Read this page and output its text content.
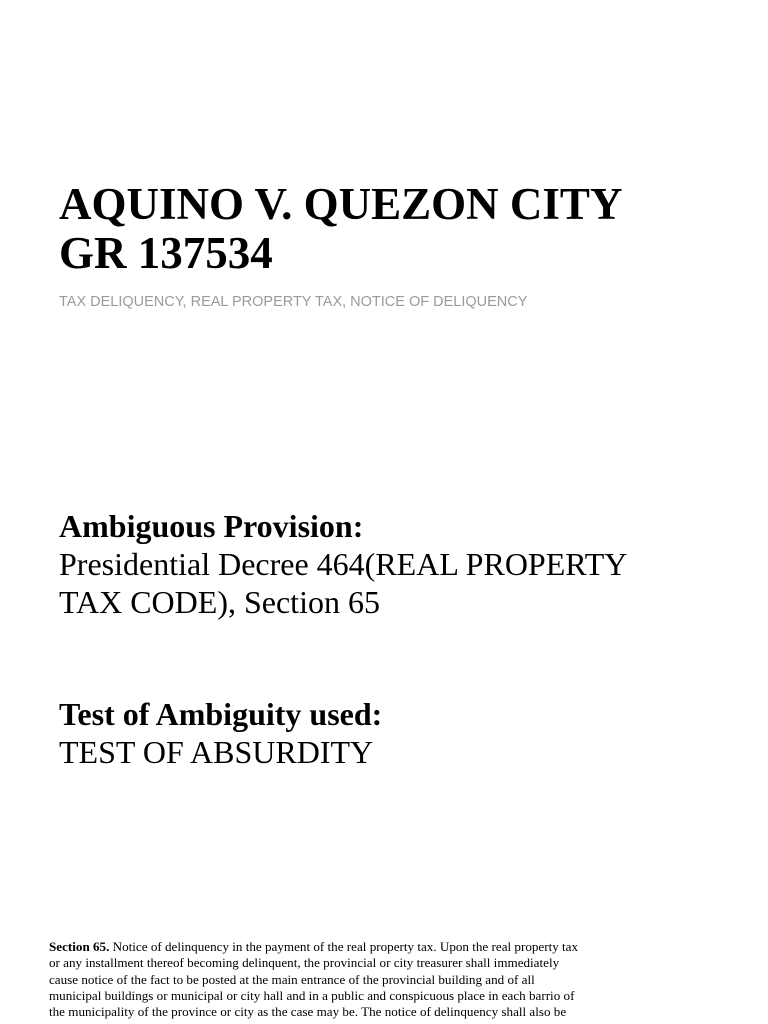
AQUINO V. QUEZON CITY
GR 137534

TAX DELIQUENCY, REAL PROPERTY TAX, NOTICE OF DELIQUENCY

Ambiguous Provision:
Presidential Decree 464(REAL PROPERTY
TAX CODE), Section 65
Test of Ambiguity used:
TEST OF ABSURDITY
Section 65. Notice of delinquency in the payment of the real property tax. Upon the real property tax
or any installment thereof becoming delinquent, the provincial or city treasurer shall immediately
cause notice of the fact to be posted at the main entrance of the provincial building and of all
municipal buildings or municipal or city hall and in a public and conspicuous place in each barrio of
the municipality of the province or city as the case may be. The notice of delinquency shall also be
